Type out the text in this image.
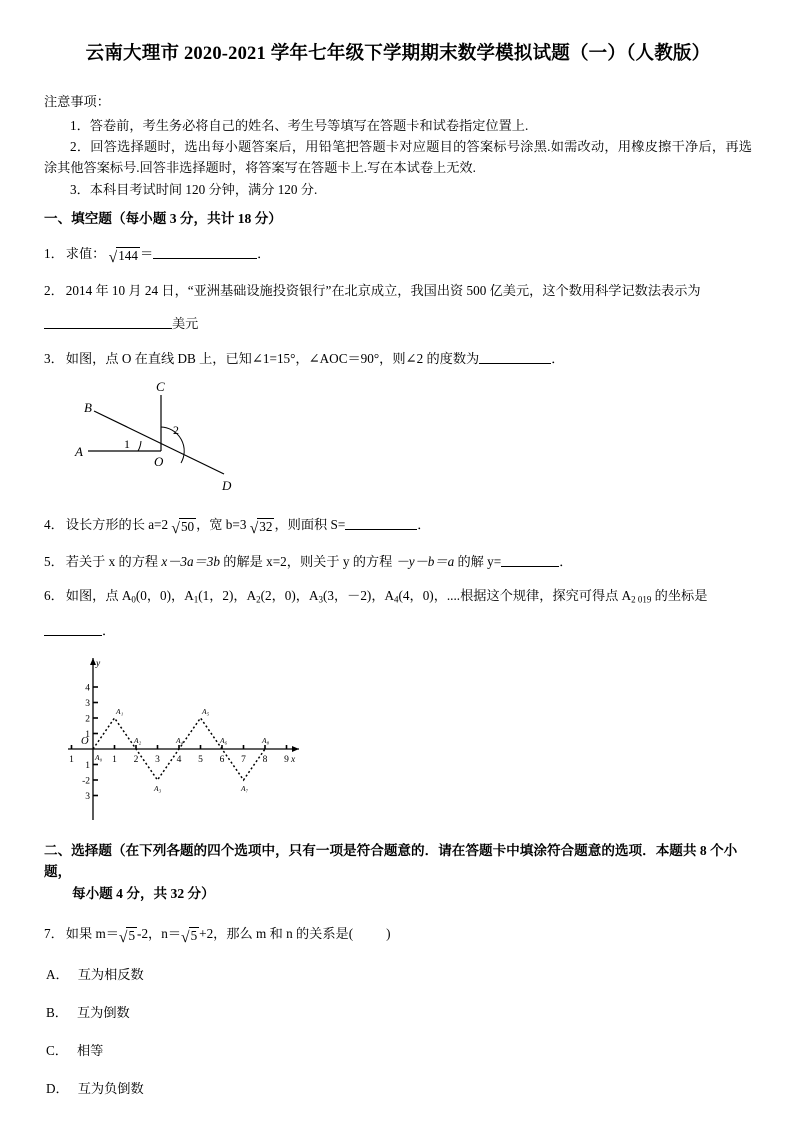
云南大理市 2020-2021 学年七年级下学期期末数学模拟试题（一）（人教版）

注意事项：

1．答卷前，考生务必将自己的姓名、考生号等填写在答题卡和试卷指定位置上.

2．回答选择题时，选出每小题答案后，用铅笔把答题卡对应题目的答案标号涂黑.如需改动，用橡皮擦干净后，再选涂其他答案标号.回答非选择题时，将答案写在答题卡上.写在本试卷上无效.

3．本科目考试时间 120 分钟，满分 120 分.

一、填空题（每小题 3 分，共计 18 分）
1． 求值： √144 ＝	．
2． 2014 年 10 月 24 日，“亚洲基础设施投资银行”在北京成立，我国出资 500 亿美元，这个数用科学记数法表示为
美元
3． 如图，点 O 在直线 DB 上，已知∠1=15°，∠AOC＝90°，则∠2 的度数为	．
B
C
A
D
O
1
2
4． 设长方形的长 a=2 √50 ，宽 b=3 √32 ，则面积 S=	．
5． 若关于 x 的方程 x－3a＝3b 的解是 x=2，则关于 y 的方程 －y－b＝a 的解 y=	．
6． 如图，点 $A_0(0$，0)，$A_1(1$，2)，$A_2(2$，0)，$A_3(3$，－2)，$A_4(4$，0)，....根据这个规律，探究可得点 $A_{2 019}$ 的坐标是
．
1	1 2 3 4 5 6 7 8 9
1
2
3
4
1
-2
3
O
y
x
A₀
A₁
A₂
A₃
A₄
A₅
A₆
A₇
A₈
二、选择题（在下列各题的四个选项中，只有一项是符合题意的．请在答题卡中填涂符合题意的选项．本题共 8 个小题，
每小题 4 分，共 32 分）
7． 如果 m＝√5 -2，n＝√5 +2，那么 m 和 n 的关系是( )
A． 互为相反数
B． 互为倒数
C． 相等
D． 互为负倒数
